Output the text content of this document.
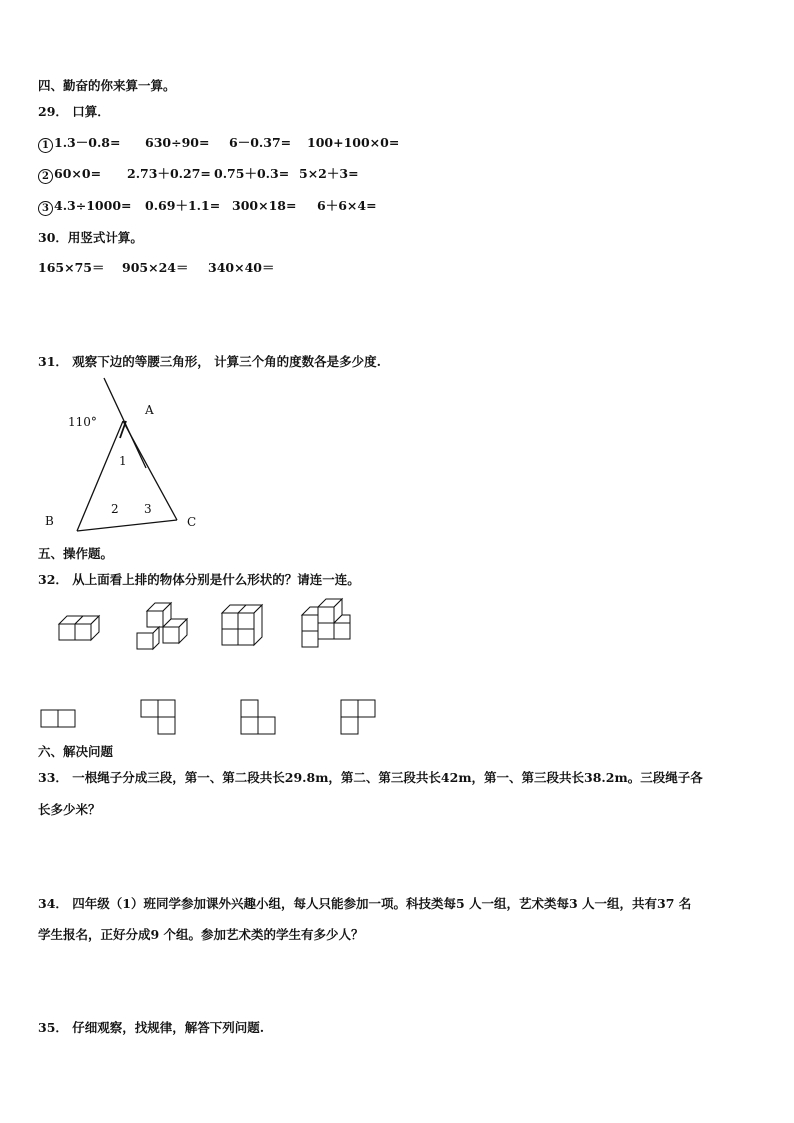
四、勤奋的你来算一算。
29． 口算．
1 1.3－0.8= 630÷90= 6－0.37= 100+100×0=
2 60×0= 2.73＋0.27= 0.75＋0.3= 5×2＋3=
3 4.3÷1000= 0.69＋1.1= 300×18= 6＋6×4=
30．用竖式计算。
165×75＝ 905×24＝ 340×40＝
31． 观察下边的等腰三角形， 计算三个角的度数各是多少度.
110°
A
B	C
1
2 3
五、操作题。
32． 从上面看上排的物体分别是什么形状的？请连一连。
六、解决问题
33． 一根绳子分成三段，第一、第二段共长29.8m，第二、第三段共长42m，第一、第三段共长38.2m。三段绳子各
长多少米？
34． 四年级（1）班同学参加课外兴趣小组，每人只能参加一项。科技类每5 人一组，艺术类每3 人一组，共有37 名
学生报名，正好分成9 个组。参加艺术类的学生有多少人？
35． 仔细观察，找规律，解答下列问题.
